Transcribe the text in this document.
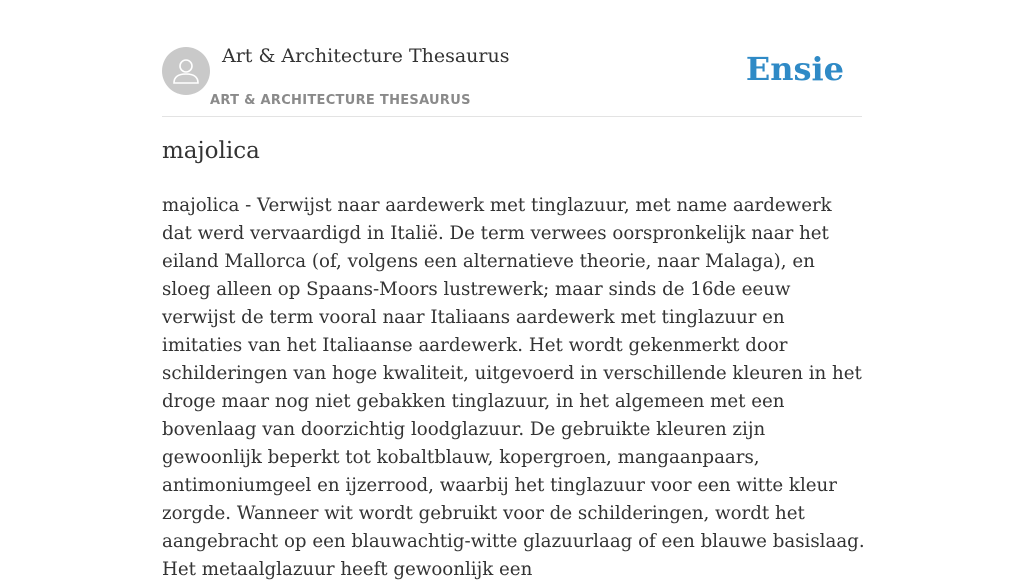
Art & Architecture Thesaurus
ART & ARCHITECTURE THESAURUS
Ensie
majolica

majolica - Verwijst naar aardewerk met tinglazuur, met name aardewerk dat werd vervaardigd in Italië. De term verwees oorspronkelijk naar het eiland Mallorca (of, volgens een alternatieve theorie, naar Malaga), en sloeg alleen op Spaans-Moors lustrewerk; maar sinds de 16de eeuw verwijst de term vooral naar Italiaans aardewerk met tinglazuur en imitaties van het Italiaanse aardewerk. Het wordt gekenmerkt door schilderingen van hoge kwaliteit, uitgevoerd in verschillende kleuren in het droge maar nog niet gebakken tinglazuur, in het algemeen met een bovenlaag van doorzichtig loodglazuur. De gebruikte kleuren zijn gewoonlijk beperkt tot kobaltblauw, kopergroen, mangaanpaars, antimoniumgeel en ijzerrood, waarbij het tinglazuur voor een witte kleur zorgde. Wanneer wit wordt gebruikt voor de schilderingen, wordt het aangebracht op een blauwachtig-witte glazuurlaag of een blauwe basislaag. Het metaalglazuur heeft gewoonlijk een
